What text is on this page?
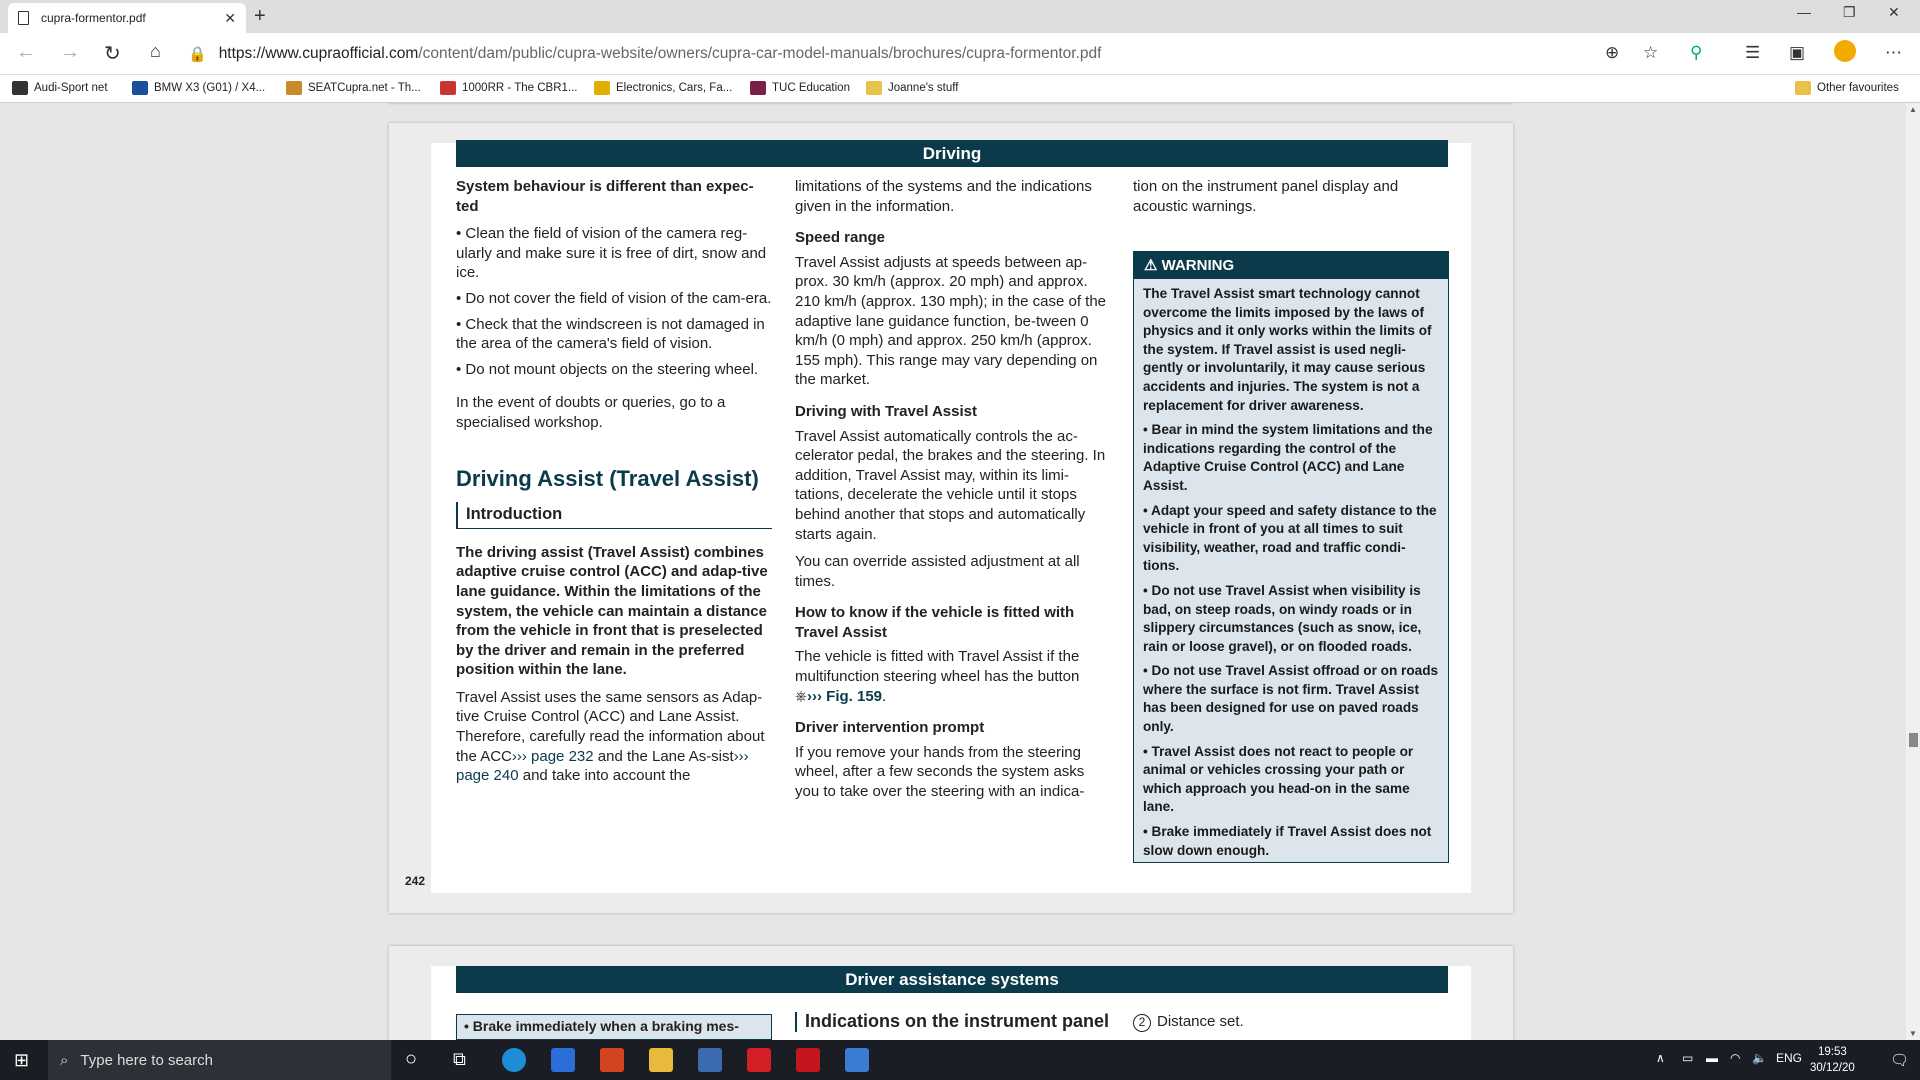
cupra-formentor.pdf	✕ +	— ❐ ✕
← → ↻ ⌂ 🔒 https://www.cupraofficial.com /content/dam/public/cupra-website/owners/cupra-car-model-manuals/brochures/cupra-formentor.pdf	⊕ ☆ ⚲	☰ ▣	⋯
Audi-Sport net	BMW X3 (G01) / X4...	SEATCupra.net - Th...	1000RR - The CBR1...	Electronics, Cars, Fa...	TUC Education	Joanne's stuff	Other favourites
Driving

System behaviour is different than expec-ted

• Clean the field of vision of the camera reg-ularly and make sure it is free of dirt, snow and ice.

• Do not cover the field of vision of the cam-era.

• Check that the windscreen is not damaged in the area of the camera's field of vision.

• Do not mount objects on the steering wheel.

In the event of doubts or queries, go to a specialised workshop.

Driving Assist (Travel Assist)
Introduction

The driving assist (Travel Assist) combines adaptive cruise control (ACC) and adap-tive lane guidance. Within the limitations of the system, the vehicle can maintain a distance from the vehicle in front that is preselected by the driver and remain in the preferred position within the lane.

Travel Assist uses the same sensors as Adap-tive Cruise Control (ACC) and Lane Assist. Therefore, carefully read the information about the ACC››› page 232 and the Lane As-sist››› page 240 and take into account the

limitations of the systems and the indications given in the information.

Speed range

Travel Assist adjusts at speeds between ap-prox. 30 km/h (approx. 20 mph) and approx. 210 km/h (approx. 130 mph); in the case of the adaptive lane guidance function, be-tween 0 km/h (0 mph) and approx. 250 km/h (approx. 155 mph). This range may vary depending on the market.

Driving with Travel Assist

Travel Assist automatically controls the ac-celerator pedal, the brakes and the steering. In addition, Travel Assist may, within its limi-tations, decelerate the vehicle until it stops behind another that stops and automatically starts again.

You can override assisted adjustment at all times.

How to know if the vehicle is fitted with Travel Assist

The vehicle is fitted with Travel Assist if the multifunction steering wheel has the button
⎈››› Fig. 159.

Driver intervention prompt

If you remove your hands from the steering wheel, after a few seconds the system asks you to take over the steering with an indica-

tion on the instrument panel display and acoustic warnings.

⚠ WARNING

The Travel Assist smart technology cannot overcome the limits imposed by the laws of physics and it only works within the limits of the system. If Travel assist is used negli-gently or involuntarily, it may cause serious accidents and injuries. The system is not a replacement for driver awareness.

• Bear in mind the system limitations and the indications regarding the control of the Adaptive Cruise Control (ACC) and Lane Assist.

• Adapt your speed and safety distance to the vehicle in front of you at all times to suit visibility, weather, road and traffic condi-tions.

• Do not use Travel Assist when visibility is bad, on steep roads, on windy roads or in slippery circumstances (such as snow, ice, rain or loose gravel), or on flooded roads.

• Do not use Travel Assist offroad or on roads where the surface is not firm. Travel Assist has been designed for use on paved roads only.

• Travel Assist does not react to people or animal or vehicles crossing your path or which approach you head-on in the same lane.

• Brake immediately if Travel Assist does not slow down enough.

242
Driver assistance systems
• Brake immediately when a braking mes-	Indications on the instrument panel	2 Distance set.
▲
▼
⊞ ⌕ Type here to search	○ ⧉	∧ ▭ ▬ ◠ 🔈 ENG	19:53
30/12/20 🗨
